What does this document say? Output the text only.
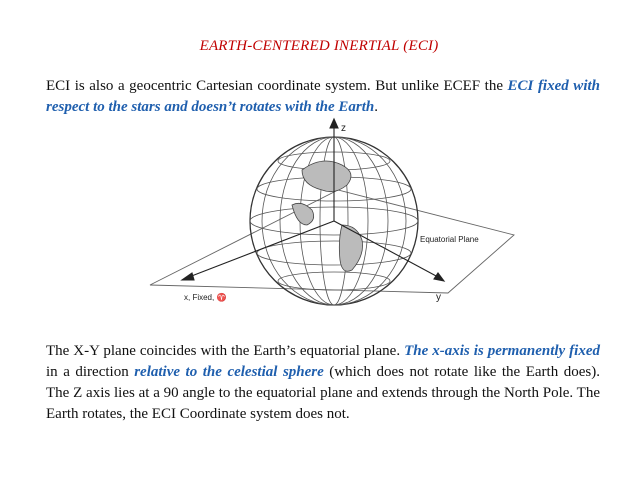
EARTH-CENTERED INERTIAL (ECI)
ECI is also a geocentric Cartesian coordinate system. But unlike ECEF the ECI fixed with respect to the stars and doesn’t rotates with the Earth.
z
y
x, Fixed, ♈
Equatorial Plane
The X-Y plane coincides with the Earth’s equatorial plane. The x-axis is permanently fixed in a direction relative to the celestial sphere (which does not rotate like the Earth does). The Z axis lies at a 90 angle to the equatorial plane and extends through the North Pole. The Earth rotates, the ECI Coordinate system does not.
